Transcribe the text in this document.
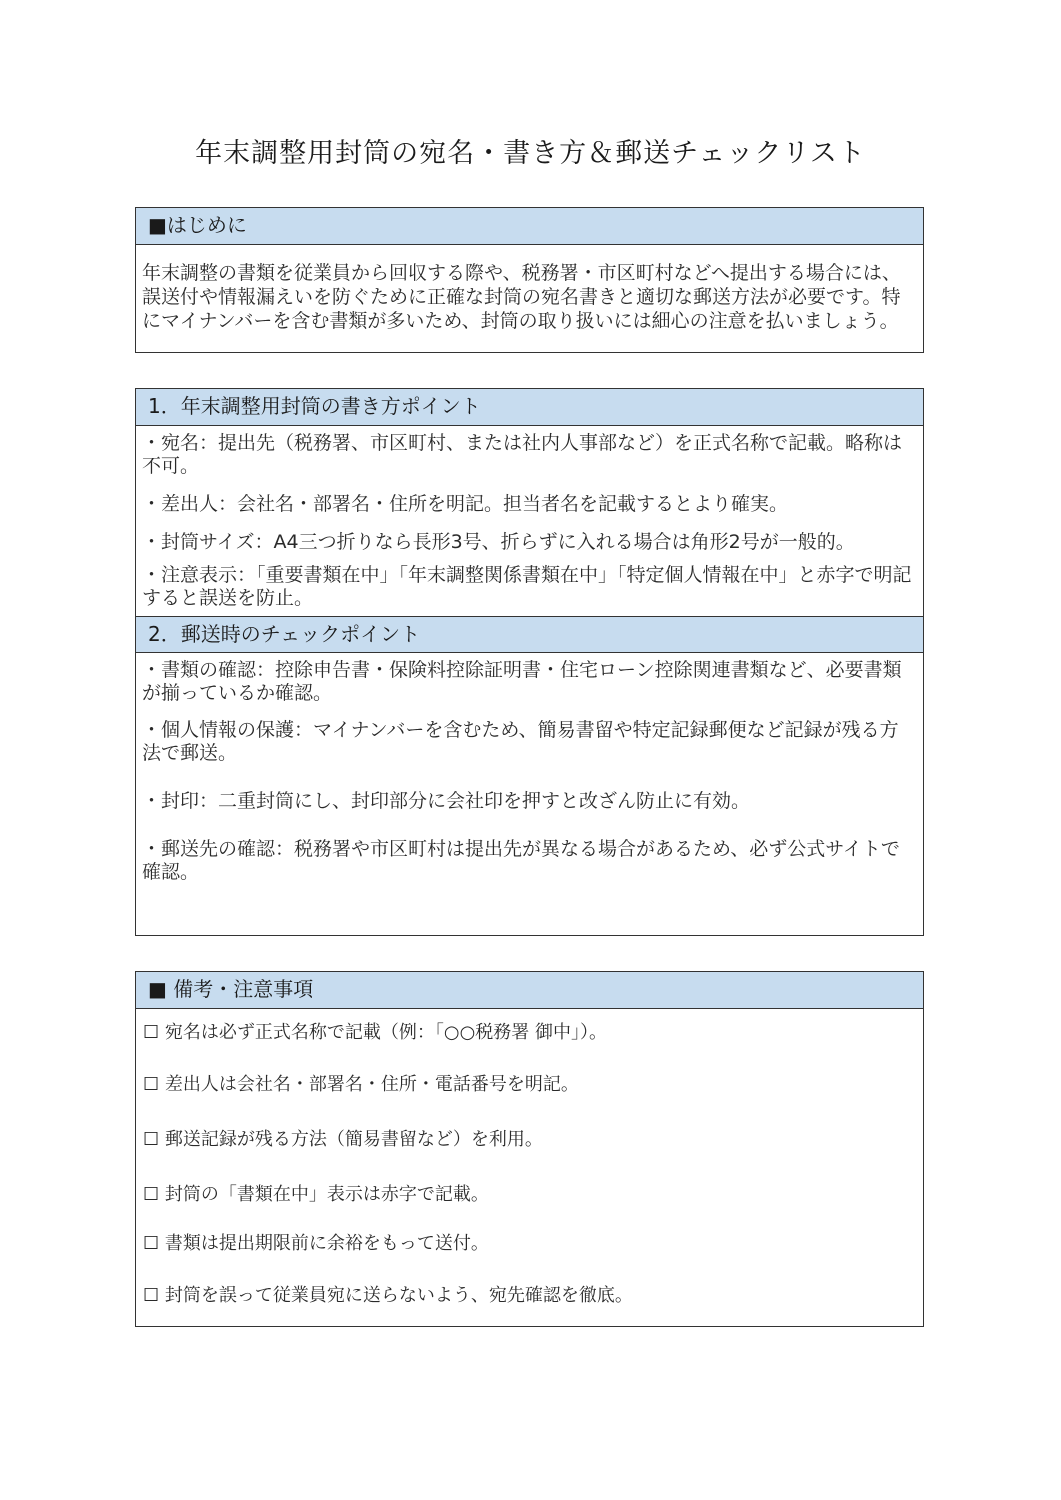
年末調整用封筒の宛名・書き方＆郵送チェックリスト
■はじめに
年末調整の書類を従業員から回収する際や、税務署・市区町村などへ提出する場合には、誤送付や情報漏えいを防ぐために正確な封筒の宛名書きと適切な郵送方法が必要です。特にマイナンバーを含む書類が多いため、封筒の取り扱いには細心の注意を払いましょう。
1．年末調整用封筒の書き方ポイント
・宛名：提出先（税務署、市区町村、または社内人事部など）を正式名称で記載。略称は不可。
・差出人：会社名・部署名・住所を明記。担当者名を記載するとより確実。
・封筒サイズ：A4三つ折りなら長形3号、折らずに入れる場合は角形2号が一般的。
・注意表示：「重要書類在中」「年末調整関係書類在中」「特定個人情報在中」と赤字で明記すると誤送を防止。
2．郵送時のチェックポイント
・書類の確認：控除申告書・保険料控除証明書・住宅ローン控除関連書類など、必要書類が揃っているか確認。
・個人情報の保護：マイナンバーを含むため、簡易書留や特定記録郵便など記録が残る方法で郵送。
・封印：二重封筒にし、封印部分に会社印を押すと改ざん防止に有効。
・郵送先の確認：税務署や市区町村は提出先が異なる場合があるため、必ず公式サイトで確認。
■ 備考・注意事項
☐ 宛名は必ず正式名称で記載（例：「○○税務署 御中」）。
☐ 差出人は会社名・部署名・住所・電話番号を明記。
☐ 郵送記録が残る方法（簡易書留など）を利用。
☐ 封筒の「書類在中」表示は赤字で記載。
☐ 書類は提出期限前に余裕をもって送付。
☐ 封筒を誤って従業員宛に送らないよう、宛先確認を徹底。
